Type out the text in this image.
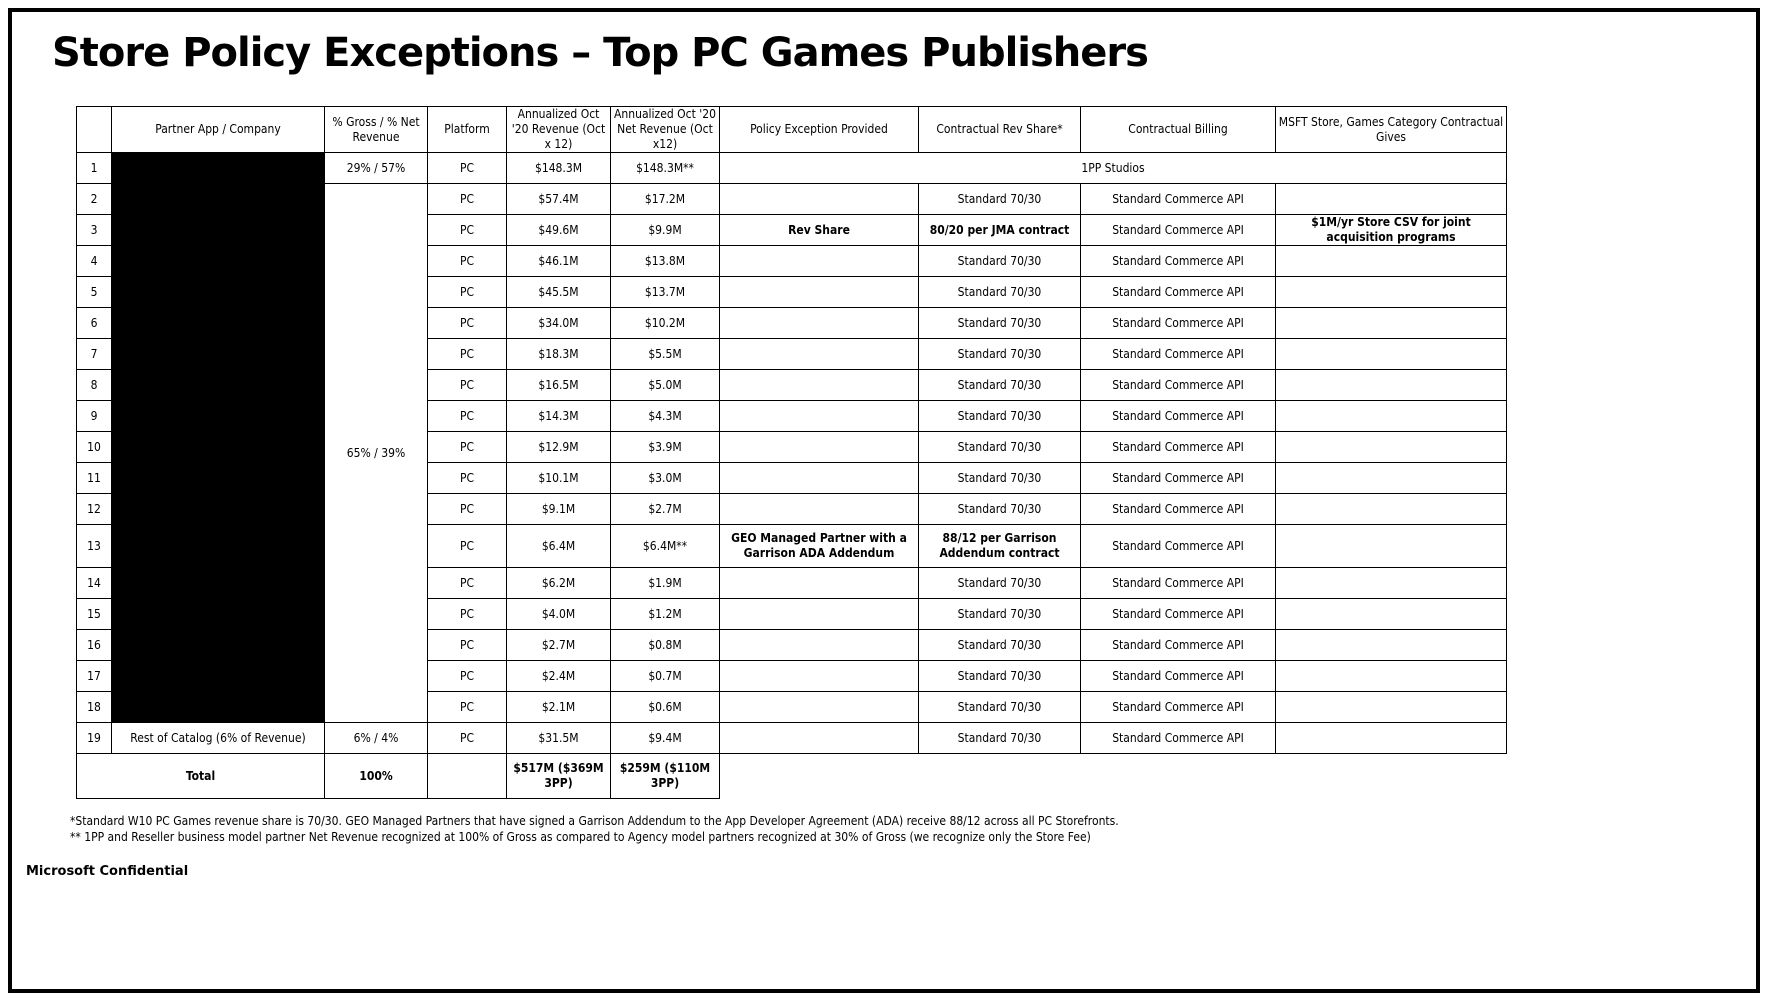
Store Policy Exceptions – Top PC Games Publishers
	Partner App / Company	% Gross / % Net Revenue	Platform	Annualized Oct '20 Revenue (Oct x 12)	Annualized Oct '20 Net Revenue (Oct x12)	Policy Exception Provided	Contractual Rev Share*	Contractual Billing	MSFT Store, Games Category Contractual Gives
1		29% / 57%	PC	$148.3M	$148.3M**	1PP Studios			
2		65% / 39%	PC	$57.4M	$17.2M		Standard 70/30	Standard Commerce API	
3			PC	$49.6M	$9.9M	Rev Share	80/20 per JMA contract	Standard Commerce API	$1M/yr Store CSV for joint acquisition programs
4			PC	$46.1M	$13.8M		Standard 70/30	Standard Commerce API	
5			PC	$45.5M	$13.7M		Standard 70/30	Standard Commerce API	
6			PC	$34.0M	$10.2M		Standard 70/30	Standard Commerce API	
7			PC	$18.3M	$5.5M		Standard 70/30	Standard Commerce API	
8			PC	$16.5M	$5.0M		Standard 70/30	Standard Commerce API	
9			PC	$14.3M	$4.3M		Standard 70/30	Standard Commerce API	
10			PC	$12.9M	$3.9M		Standard 70/30	Standard Commerce API	
11			PC	$10.1M	$3.0M		Standard 70/30	Standard Commerce API	
12			PC	$9.1M	$2.7M		Standard 70/30	Standard Commerce API	
13			PC	$6.4M	$6.4M**	GEO Managed Partner with a Garrison ADA Addendum	88/12 per Garrison Addendum contract	Standard Commerce API	
14			PC	$6.2M	$1.9M		Standard 70/30	Standard Commerce API	
15			PC	$4.0M	$1.2M		Standard 70/30	Standard Commerce API	
16			PC	$2.7M	$0.8M		Standard 70/30	Standard Commerce API	
17			PC	$2.4M	$0.7M		Standard 70/30	Standard Commerce API	
18			PC	$2.1M	$0.6M		Standard 70/30	Standard Commerce API	
19	Rest of Catalog (6% of Revenue)	6% / 4%	PC	$31.5M	$9.4M		Standard 70/30	Standard Commerce API	
Total		100%		$517M ($369M 3PP)	$259M ($110M 3PP)				

*Standard W10 PC Games revenue share is 70/30. GEO Managed Partners that have signed a Garrison Addendum to the App Developer Agreement (ADA) receive 88/12 across all PC Storefronts.

** 1PP and Reseller business model partner Net Revenue recognized at 100% of Gross as compared to Agency model partners recognized at 30% of Gross (we recognize only the Store Fee)

Microsoft Confidential
